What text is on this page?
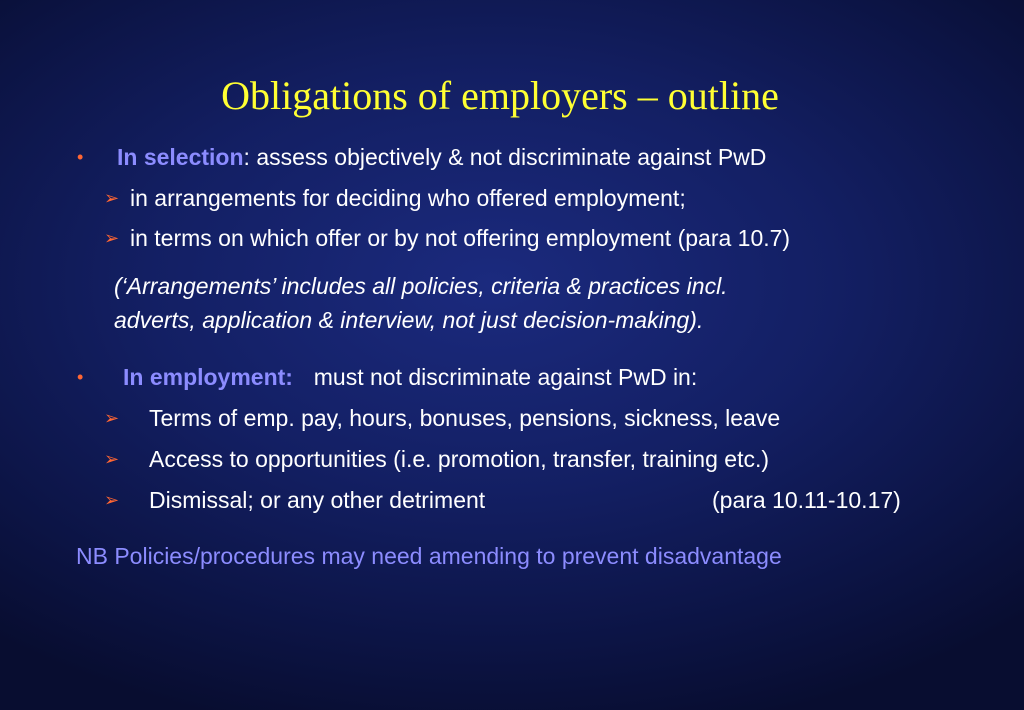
Obligations of employers – outline
• In selection: assess objectively & not discriminate against PwD
➢ in arrangements for deciding who offered employment;
➢ in terms on which offer or by not offering employment (para 10.7)
(‘Arrangements’ includes all policies, criteria & practices incl.
adverts, application & interview, not just decision-making).
• In employment: must not discriminate against PwD in:
➢ Terms of emp. pay, hours, bonuses, pensions, sickness, leave
➢ Access to opportunities (i.e. promotion, transfer, training etc.)
➢ Dismissal; or any other detriment	(para 10.11-10.17)
NB Policies/procedures may need amending to prevent disadvantage
